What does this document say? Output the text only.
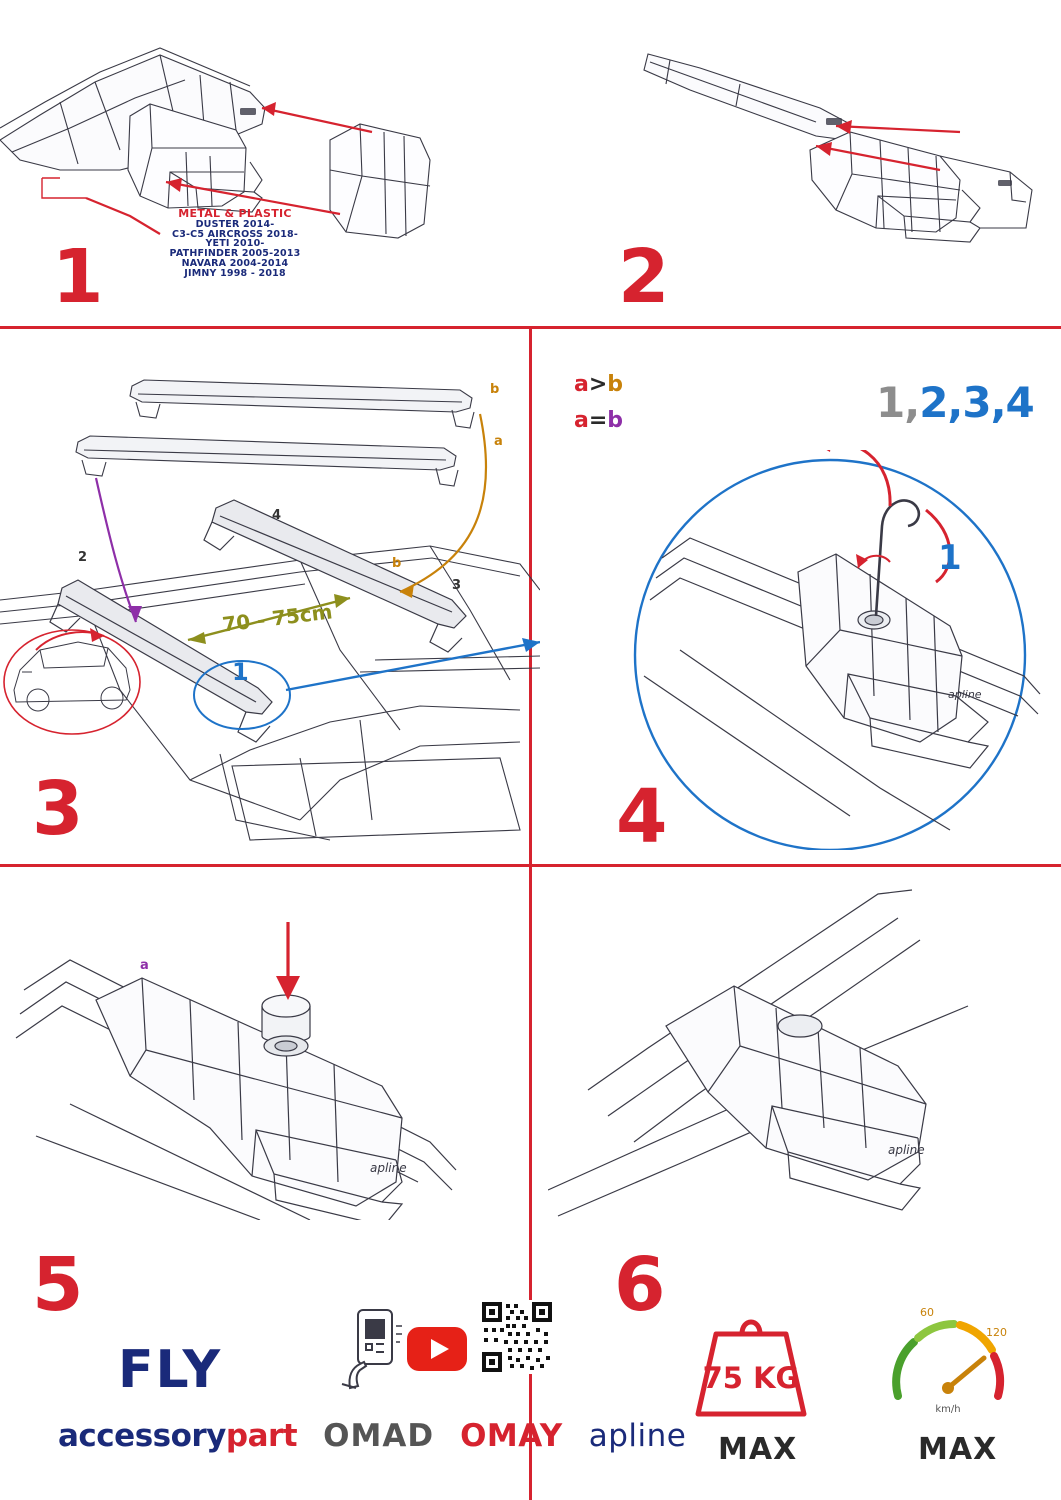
METAL & PLASTIC
DUSTER 2014-
C3-C5 AIRCROSS 2018-
YETI 2010-
PATHFINDER 2005-2013
NAVARA 2004-2014
JIMNY 1998 - 2018
1	2
a
b
a
b
2
4
3
1
70 - 75cm
a>b
a=b
3
apline
1,2,3,4
1
4
apline
5
FLY
accessorypart OMAD OMAY apline
apline
6
75 KG
MAX
60
120
km/h
MAX
